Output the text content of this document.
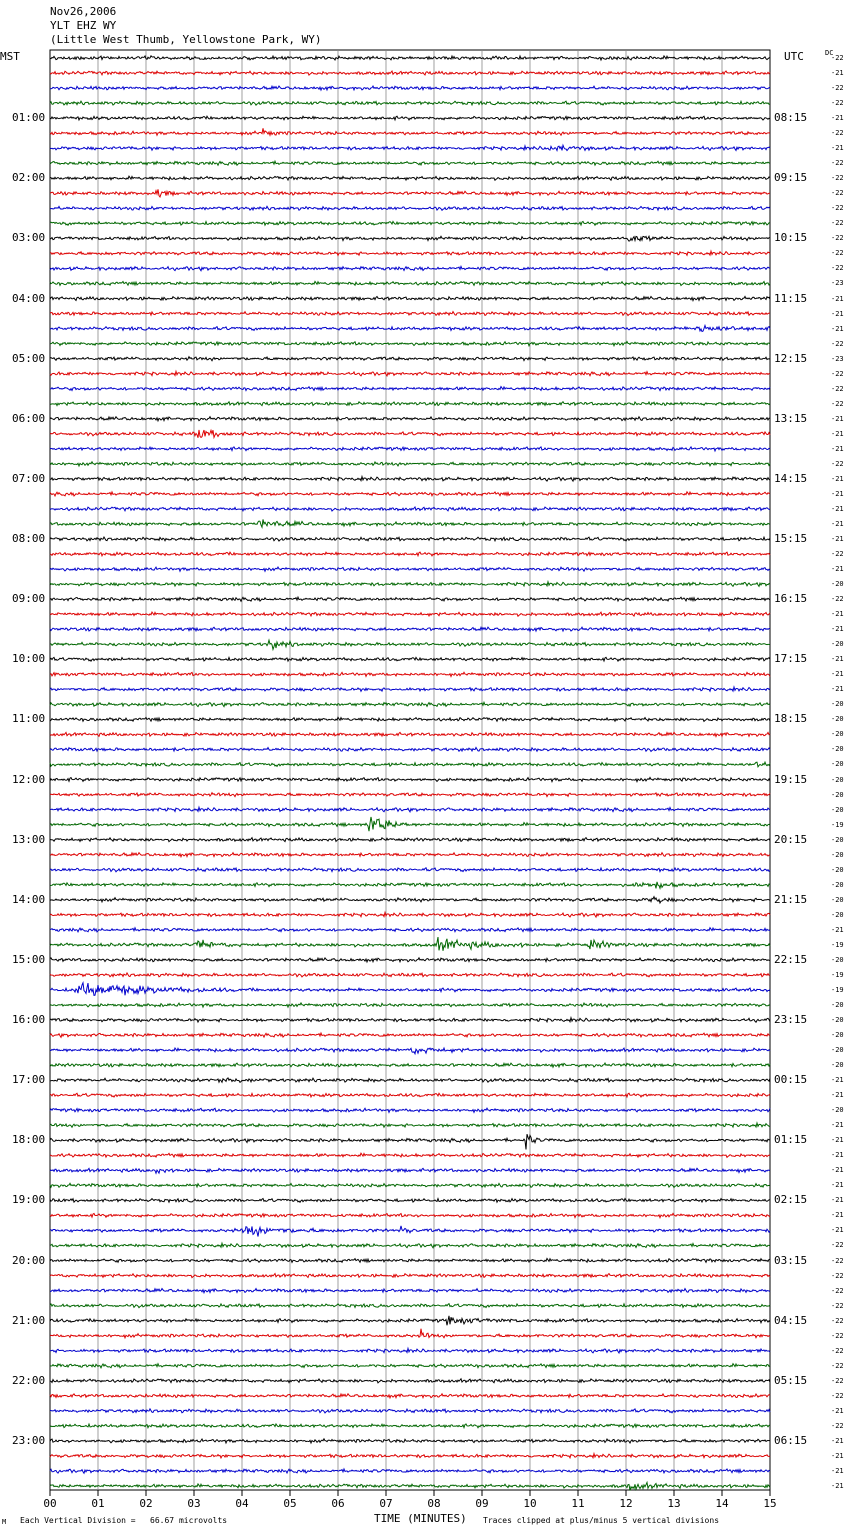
00	01	02	03	04	05	06	07	08	09	10	11	12	13	14	15
Nov26,2006
YLT EHZ WY
(Little West Thumb, Yellowstone Park, WY)
MST	UTC	DC
01:00
02:00
03:00
04:00
05:00
06:00
07:00
08:00
09:00
10:00
11:00
12:00
13:00
14:00
15:00
16:00
17:00
18:00
19:00
20:00
21:00
22:00
23:00
08:15
09:15
10:15
11:15
12:15
13:15
14:15
15:15
16:15
17:15
18:15
19:15
20:15
21:15
22:15
23:15
00:15
01:15
02:15
03:15
04:15
05:15
06:15
-22
-21
-22
-22
-21
-22
-21
-22
-22
-22
-22
-22
-22
-22
-22
-23
-21
-21
-21
-22
-23
-22
-22
-22
-21
-21
-21
-22
-21
-21
-21
-21
-21
-22
-21
-20
-22
-21
-21
-20
-21
-21
-21
-20
-20
-20
-20
-20
-20
-20
-20
-19
-20
-20
-20
-20
-20
-20
-21
-19
-20
-19
-19
-20
-20
-20
-20
-20
-21
-21
-20
-21
-21
-21
-21
-21
-21
-21
-21
-22
-22
-22
-22
-22
-22
-22
-22
-22
-22
-22
-21
-22
-21
-21
-21
-21
M Each Vertical Division =   66.67 microvolts	TIME (MINUTES) Traces clipped at plus/minus 5 vertical divisions
